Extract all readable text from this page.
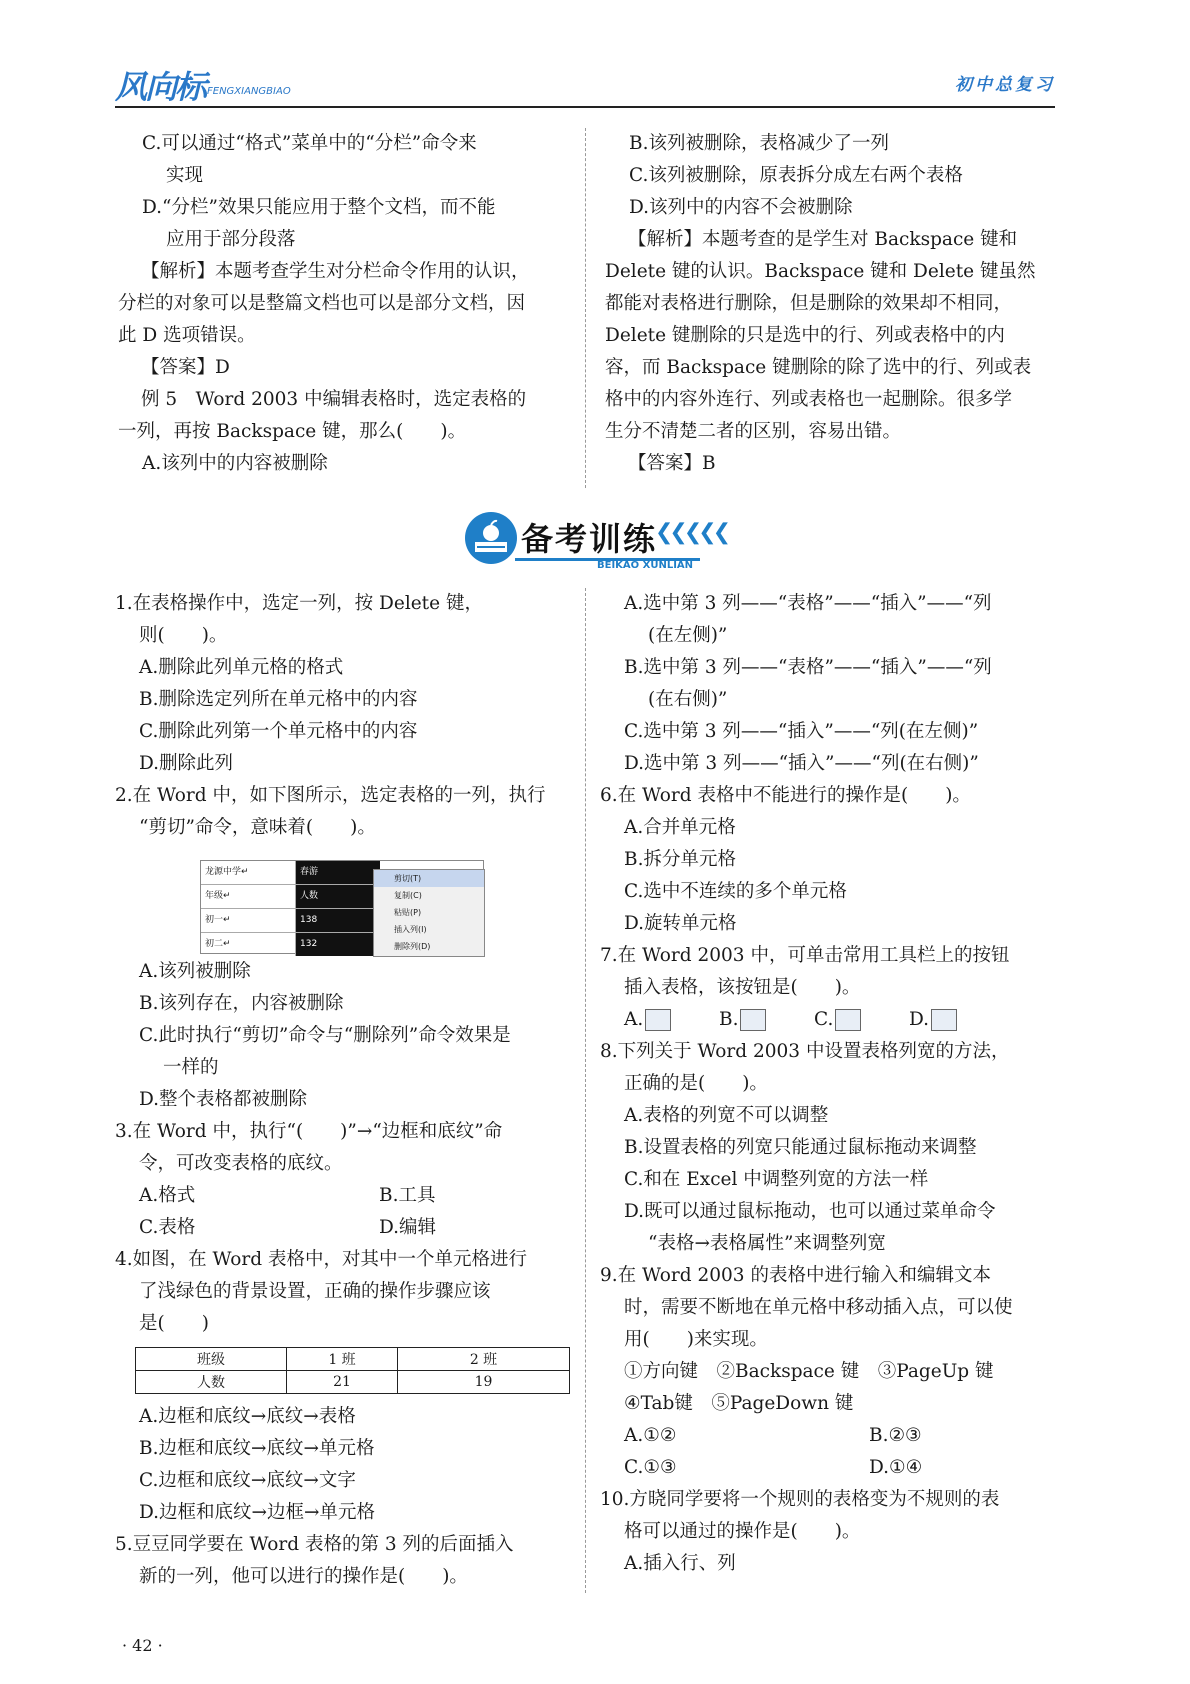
风向标 FENGXIANGBIAO	初中总复习

C.可以通过“格式”菜单中的“分栏”命令来

实现

D.“分栏”效果只能应用于整个文档，而不能

应用于部分段落

【解析】本题考查学生对分栏命令作用的认识，

分栏的对象可以是整篇文档也可以是部分文档，因

此 D 选项错误。

【答案】D

例 5　Word 2003 中编辑表格时，选定表格的

一列，再按 Backspace 键，那么(　　)。

A.该列中的内容被删除

B.该列被删除，表格减少了一列

C.该列被删除，原表拆分成左右两个表格

D.该列中的内容不会被删除

【解析】本题考查的是学生对 Backspace 键和

Delete 键的认识。Backspace 键和 Delete 键虽然

都能对表格进行删除，但是删除的效果却不相同，

Delete 键删除的只是选中的行、列或表格中的内

容，而 Backspace 键删除的除了选中的行、列或表

格中的内容外连行、列或表格也一起删除。很多学

生分不清楚二者的区别，容易出错。

【答案】B

备考训练
❮❮❮❮❮
BEIKAO XUNLIAN

1.在表格操作中，选定一列，按 Delete 键，

则(　　)。

A.删除此列单元格的格式

B.删除选定列所在单元格中的内容

C.删除此列第一个单元格中的内容

D.删除此列

2.在 Word 中，如下图所示，选定表格的一列，执行

“剪切”命令，意味着(　　)。

龙源中学↵	春游
年级↵	人数
初一↵	138
初二↵	132
剪切(T)
复制(C)
粘贴(P)
插入列(I)
删除列(D)

A.该列被删除

B.该列存在，内容被删除

C.此时执行“剪切”命令与“删除列”命令效果是

一样的

D.整个表格都被删除

3.在 Word 中，执行“(　　)”→“边框和底纹”命

令，可改变表格的底纹。

A.格式	B.工具

C.表格	D.编辑

4.如图，在 Word 表格中，对其中一个单元格进行

了浅绿色的背景设置，正确的操作步骤应该

是(　　)

班级	1 班	2 班
人数	21	19

A.边框和底纹→底纹→表格

B.边框和底纹→底纹→单元格

C.边框和底纹→底纹→文字

D.边框和底纹→边框→单元格

5.豆豆同学要在 Word 表格的第 3 列的后面插入

新的一列，他可以进行的操作是(　　)。

A.选中第 3 列——“表格”——“插入”——“列

(在左侧)”

B.选中第 3 列——“表格”——“插入”——“列

(在右侧)”

C.选中第 3 列——“插入”——“列(在左侧)”

D.选中第 3 列——“插入”——“列(在右侧)”

6.在 Word 表格中不能进行的操作是(　　)。

A.合并单元格

B.拆分单元格

C.选中不连续的多个单元格

D.旋转单元格

7.在 Word 2003 中，可单击常用工具栏上的按钮

插入表格，该按钮是(　　)。

A.	B.	C.	D.

8.下列关于 Word 2003 中设置表格列宽的方法，

正确的是(　　)。

A.表格的列宽不可以调整

B.设置表格的列宽只能通过鼠标拖动来调整

C.和在 Excel 中调整列宽的方法一样

D.既可以通过鼠标拖动，也可以通过菜单命令

“表格→表格属性”来调整列宽

9.在 Word 2003 的表格中进行输入和编辑文本

时，需要不断地在单元格中移动插入点，可以使

用(　　)来实现。

①方向键　②Backspace 键　③PageUp 键

④Tab键　⑤PageDown 键

A.①②	B.②③

C.①③	D.①④

10.方晓同学要将一个规则的表格变为不规则的表

格可以通过的操作是(　　)。

A.插入行、列

· 42 ·
